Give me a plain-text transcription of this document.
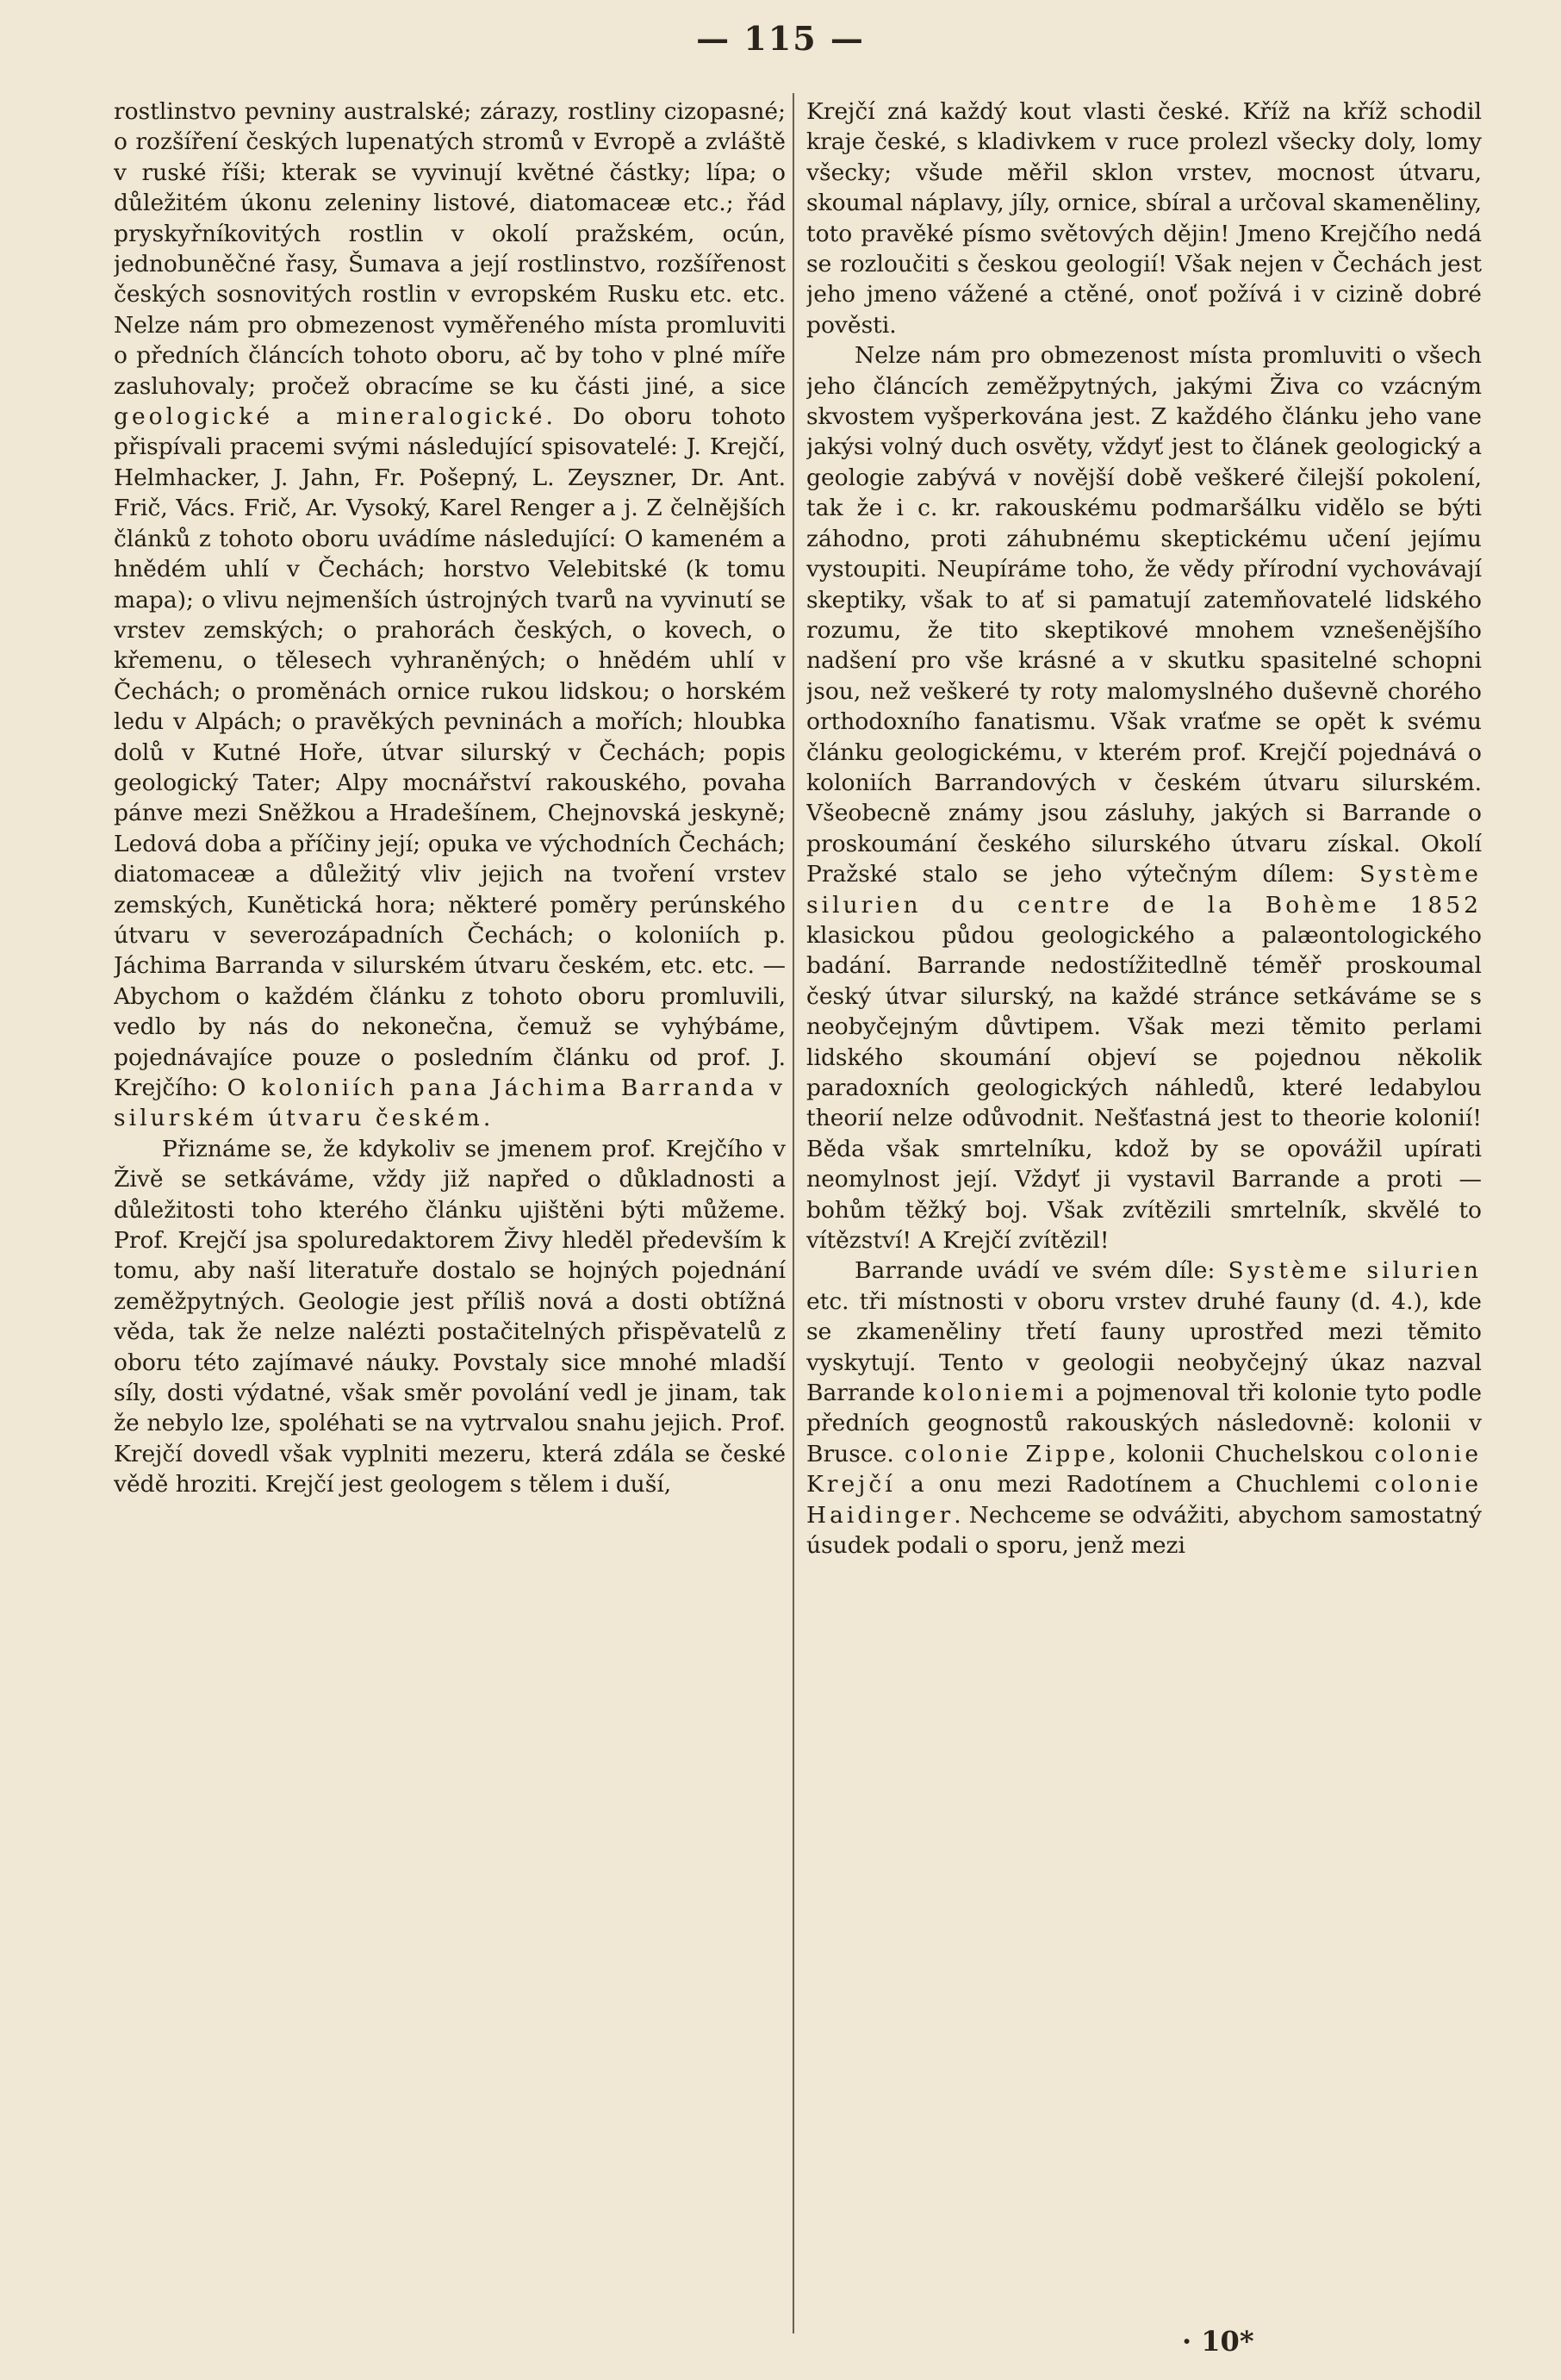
— 115 —

rostlinstvo pevniny australské; zárazy, rostliny cizopasné; o rozšíření českých lupenatých stromů v Evropě a zvláště v ruské říši; kterak se vyvinují květné částky; lípa; o důležitém úkonu zeleniny listové, diatomaceæ etc.; řád pryskyřníkovitých rostlin v okolí pražském, ocún, jednobuněčné řasy, Šumava a její rostlinstvo, rozšířenost českých sosnovitých rostlin v evropském Rusku etc. etc. Nelze nám pro obmezenost vyměřeného místa promluviti o předních článcích tohoto oboru, ač by toho v plné míře zasluhovaly; pročež obracíme se ku části jiné, a sice geologické a mineralogické. Do oboru tohoto přispívali pracemi svými následující spisovatelé: J. Krejčí, Helmhacker, J. Jahn, Fr. Pošepný, L. Zeyszner, Dr. Ant. Frič, Vács. Frič, Ar. Vysoký, Karel Renger a j. Z čelnějších článků z tohoto oboru uvádíme následující: O kameném a hnědém uhlí v Čechách; horstvo Velebitské (k tomu mapa); o vlivu nejmenších ústrojných tvarů na vyvinutí se vrstev zemských; o prahorách českých, o kovech, o křemenu, o tělesech vyhraněných; o hnědém uhlí v Čechách; o proměnách ornice rukou lidskou; o horském ledu v Alpách; o pravěkých pevninách a mořích; hloubka dolů v Kutné Hoře, útvar silurský v Čechách; popis geologický Tater; Alpy mocnářství rakouského, povaha pánve mezi Sněžkou a Hradešínem, Chejnovská jeskyně; Ledová doba a příčiny její; opuka ve východních Čechách; diatomaceæ a důležitý vliv jejich na tvoření vrstev zemských, Kunětická hora; některé poměry perúnského útvaru v severozápadních Čechách; o koloniích p. Jáchima Barranda v silurském útvaru českém, etc. etc. — Abychom o každém článku z tohoto oboru promluvili, vedlo by nás do nekonečna, čemuž se vyhýbáme, pojednávajíce pouze o posledním článku od prof. J. Krejčího: O koloniích pana Jáchima Barranda v silurském útvaru českém.

Přiznáme se, že kdykoliv se jmenem prof. Krejčího v Živě se setkáváme, vždy již napřed o důkladnosti a důležitosti toho kterého článku ujištěni býti můžeme. Prof. Krejčí jsa spoluredaktorem Živy hleděl především k tomu, aby naší literatuře dostalo se hojných pojednání zeměžpytných. Geologie jest příliš nová a dosti obtížná věda, tak že nelze nalézti postačitelných přispěvatelů z oboru této zajímavé náuky. Povstaly sice mnohé mladší síly, dosti výdatné, však směr povolání vedl je jinam, tak že nebylo lze, spoléhati se na vytrvalou snahu jejich. Prof. Krejčí dovedl však vyplniti mezeru, která zdála se české vědě hroziti. Krejčí jest geologem s tělem i duší,

Krejčí zná každý kout vlasti české. Kříž na kříž schodil kraje české, s kladivkem v ruce prolezl všecky doly, lomy všecky; všude měřil sklon vrstev, mocnost útvaru, skoumal náplavy, jíly, ornice, sbíral a určoval skameněliny, toto pravěké písmo světových dějin! Jmeno Krejčího nedá se rozloučiti s českou geologií! Však nejen v Čechách jest jeho jmeno vážené a ctěné, onoť požívá i v cizině dobré pověsti.

Nelze nám pro obmezenost místa promluviti o všech jeho článcích zeměžpytných, jakými Živa co vzácným skvostem vyšperkována jest. Z každého článku jeho vane jakýsi volný duch osvěty, vždyť jest to článek geologický a geologie zabývá v novější době veškeré čilejší pokolení, tak že i c. kr. rakouskému podmaršálku vidělo se býti záhodno, proti záhubnému skeptickému učení jejímu vystoupiti. Neupíráme toho, že vědy přírodní vychovávají skeptiky, však to ať si pamatují zatemňovatelé lidského rozumu, že tito skeptikové mnohem vznešenějšího nadšení pro vše krásné a v skutku spasitelné schopni jsou, než veškeré ty roty malomyslného duševně chorého orthodoxního fanatismu. Však vraťme se opět k svému článku geologickému, v kterém prof. Krejčí pojednává o koloniích Barrandových v českém útvaru silurském. Všeobecně známy jsou zásluhy, jakých si Barrande o proskoumání českého silurského útvaru získal. Okolí Pražské stalo se jeho výtečným dílem: Système silurien du centre de la Bohème 1852 klasickou půdou geologického a palæontologického badání. Barrande nedostížitedlně téměř proskoumal český útvar silurský, na každé stránce setkáváme se s neobyčejným důvtipem. Však mezi těmito perlami lidského skoumání objeví se pojednou několik paradoxních geologických náhledů, které ledabylou theorií nelze odůvodnit. Nešťastná jest to theorie kolonií! Běda však smrtelníku, kdož by se opovážil upírati neomylnost její. Vždyť ji vystavil Barrande a proti — bohům těžký boj. Však zvítězili smrtelník, skvělé to vítězství! A Krejčí zvítězil!

Barrande uvádí ve svém díle: Système silurien etc. tři místnosti v oboru vrstev druhé fauny (d. 4.), kde se zkameněliny třetí fauny uprostřed mezi těmito vyskytují. Tento v geologii neobyčejný úkaz nazval Barrande koloniemi a pojmenoval tři kolonie tyto podle předních geognostů rakouských následovně: kolonii v Brusce. colonie Zippe, kolonii Chuchelskou colonie Krejčí a onu mezi Radotínem a Chuchlemi colonie Haidinger. Nechceme se odvážiti, abychom samostatný úsudek podali o sporu, jenž mezi

· 10*
